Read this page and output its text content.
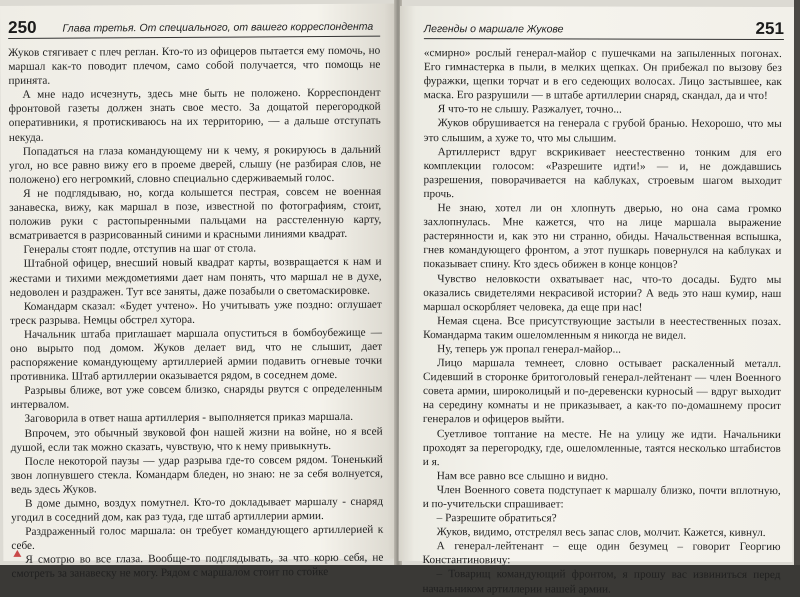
250 Глава третья. От специального, от вашего корреспондента

Жуков стягивает с плеч реглан. Кто-то из офицеров пытается ему помочь, но маршал как-то поводит плечом, само собой получается, что помощь не принята.

А мне надо исчезнуть, здесь мне быть не положено. Корреспондент фронтовой газеты должен знать свое место. За дощатой перегородкой оперативники, я протискиваюсь на их территорию, — а дальше отступать некуда.

Попадаться на глаза командующему ни к чему, я рокируюсь в дальний угол, но все равно вижу его в проеме дверей, слышу (не разбирая слов, не положено) его негромкий, словно специально сдерживаемый голос.

Я не подглядываю, но, когда колышется пестрая, совсем не военная занавеска, вижу, как маршал в позе, известной по фотографиям, стоит, положив руки с растопыренными пальцами на расстеленную карту, всматривается в разрисованный синими и красными линиями квадрат.

Генералы стоят подле, отступив на шаг от стола.

Штабной офицер, внесший новый квадрат карты, возвращается к нам и жестами и тихими междометиями дает нам понять, что маршал не в духе, недоволен и раздражен. Тут все заняты, даже позабыли о светомаскировке.

Командарм сказал: «Будет учтено». Но учитывать уже поздно: оглушает треск разрыва. Немцы обстрел хутора.

Начальник штаба приглашает маршала опуститься в бомбоубежище — оно вырыто под домом. Жуков делает вид, что не слышит, дает распоряжение командующему артиллерией армии подавить огневые точки противника. Штаб артиллерии оказывается рядом, в соседнем доме.

Разрывы ближе, вот уже совсем близко, снаряды рвутся с определенным интервалом.

Заговорила в ответ наша артиллерия - выполняется приказ маршала.

Впрочем, это обычный звуковой фон нашей жизни на войне, но я всей душой, если так можно сказать, чувствую, что к нему привыкнуть.

После некоторой паузы — удар разрыва где-то совсем рядом. Тоненький звон лопнувшего стекла. Командарм бледен, но знаю: не за себя волнуется, ведь здесь Жуков.

В доме дымно, воздух помутнел. Кто-то докладывает маршалу - снаряд угодил в соседний дом, как раз туда, где штаб артиллерии армии.

Раздраженный голос маршала: он требует командующего артиллерией к себе.

Я смотрю во все глаза. Вообще-то подглядывать, за что корю себя, не смотреть за занавеску не могу. Рядом с маршалом стоит по стойке

Легенды о маршале Жукове	251

«смирно» рослый генерал-майор с пушечками на запыленных погонах. Его гимнастерка в пыли, в мелких щепках. Он прибежал по вызову без фуражки, щепки торчат и в его седеющих волосах. Лицо застывшее, как маска. Его разрушили — в штабе артиллерии снаряд, скандал, да и что!

Я что-то не слышу. Разжалует, точно...

Жуков обрушивается на генерала с грубой бранью. Нехорошо, что мы это слышим, а хуже то, что мы слышим.

Артиллерист вдруг вскрикивает неестественно тонким для его комплекции голосом: «Разрешите идти!» — и, не дождавшись разрешения, поворачивается на каблуках, строевым шагом выходит прочь.

Не знаю, хотел ли он хлопнуть дверью, но она сама громко захлопнулась. Мне кажется, что на лице маршала выражение растерянности и, как это ни странно, обиды. Начальственная вспышка, гнев командующего фронтом, а этот пушкарь повернулся на каблуках и показывает спину. Кто здесь обижен в конце концов?

Чувство неловкости охватывает нас, что-то досады. Будто мы оказались свидетелями некрасивой истории? А ведь это наш кумир, наш маршал оскорбляет человека, да еще при нас!

Немая сцена. Все присутствующие застыли в неестественных позах. Командарма таким ошеломленным я никогда не видел.

Ну, теперь уж пропал генерал-майор...

Лицо маршала темнеет, словно остывает раскаленный металл. Сидевший в сторонке бритоголовый генерал-лейтенант — член Военного совета армии, широколицый и по-деревенски курносый — вдруг выходит на середину комнаты и не приказывает, а как-то по-домашнему просит генералов и офицеров выйти.

Суетливое топтание на месте. Не на улицу же идти. Начальники проходят за перегородку, где, ошеломленные, таятся несколько штабистов и я.

Нам все равно все слышно и видно.

Член Военного совета подступает к маршалу близко, почти вплотную, и по-учительски спрашивает:

– Разрешите обратиться?

Жуков, видимо, отстрелял весь запас слов, молчит. Кажется, кивнул.

А генерал-лейтенант – еще один безумец – говорит Георгию Константиновичу:

– Товарищ командующий фронтом, я прошу вас извиниться перед начальником артиллерии нашей армии.
